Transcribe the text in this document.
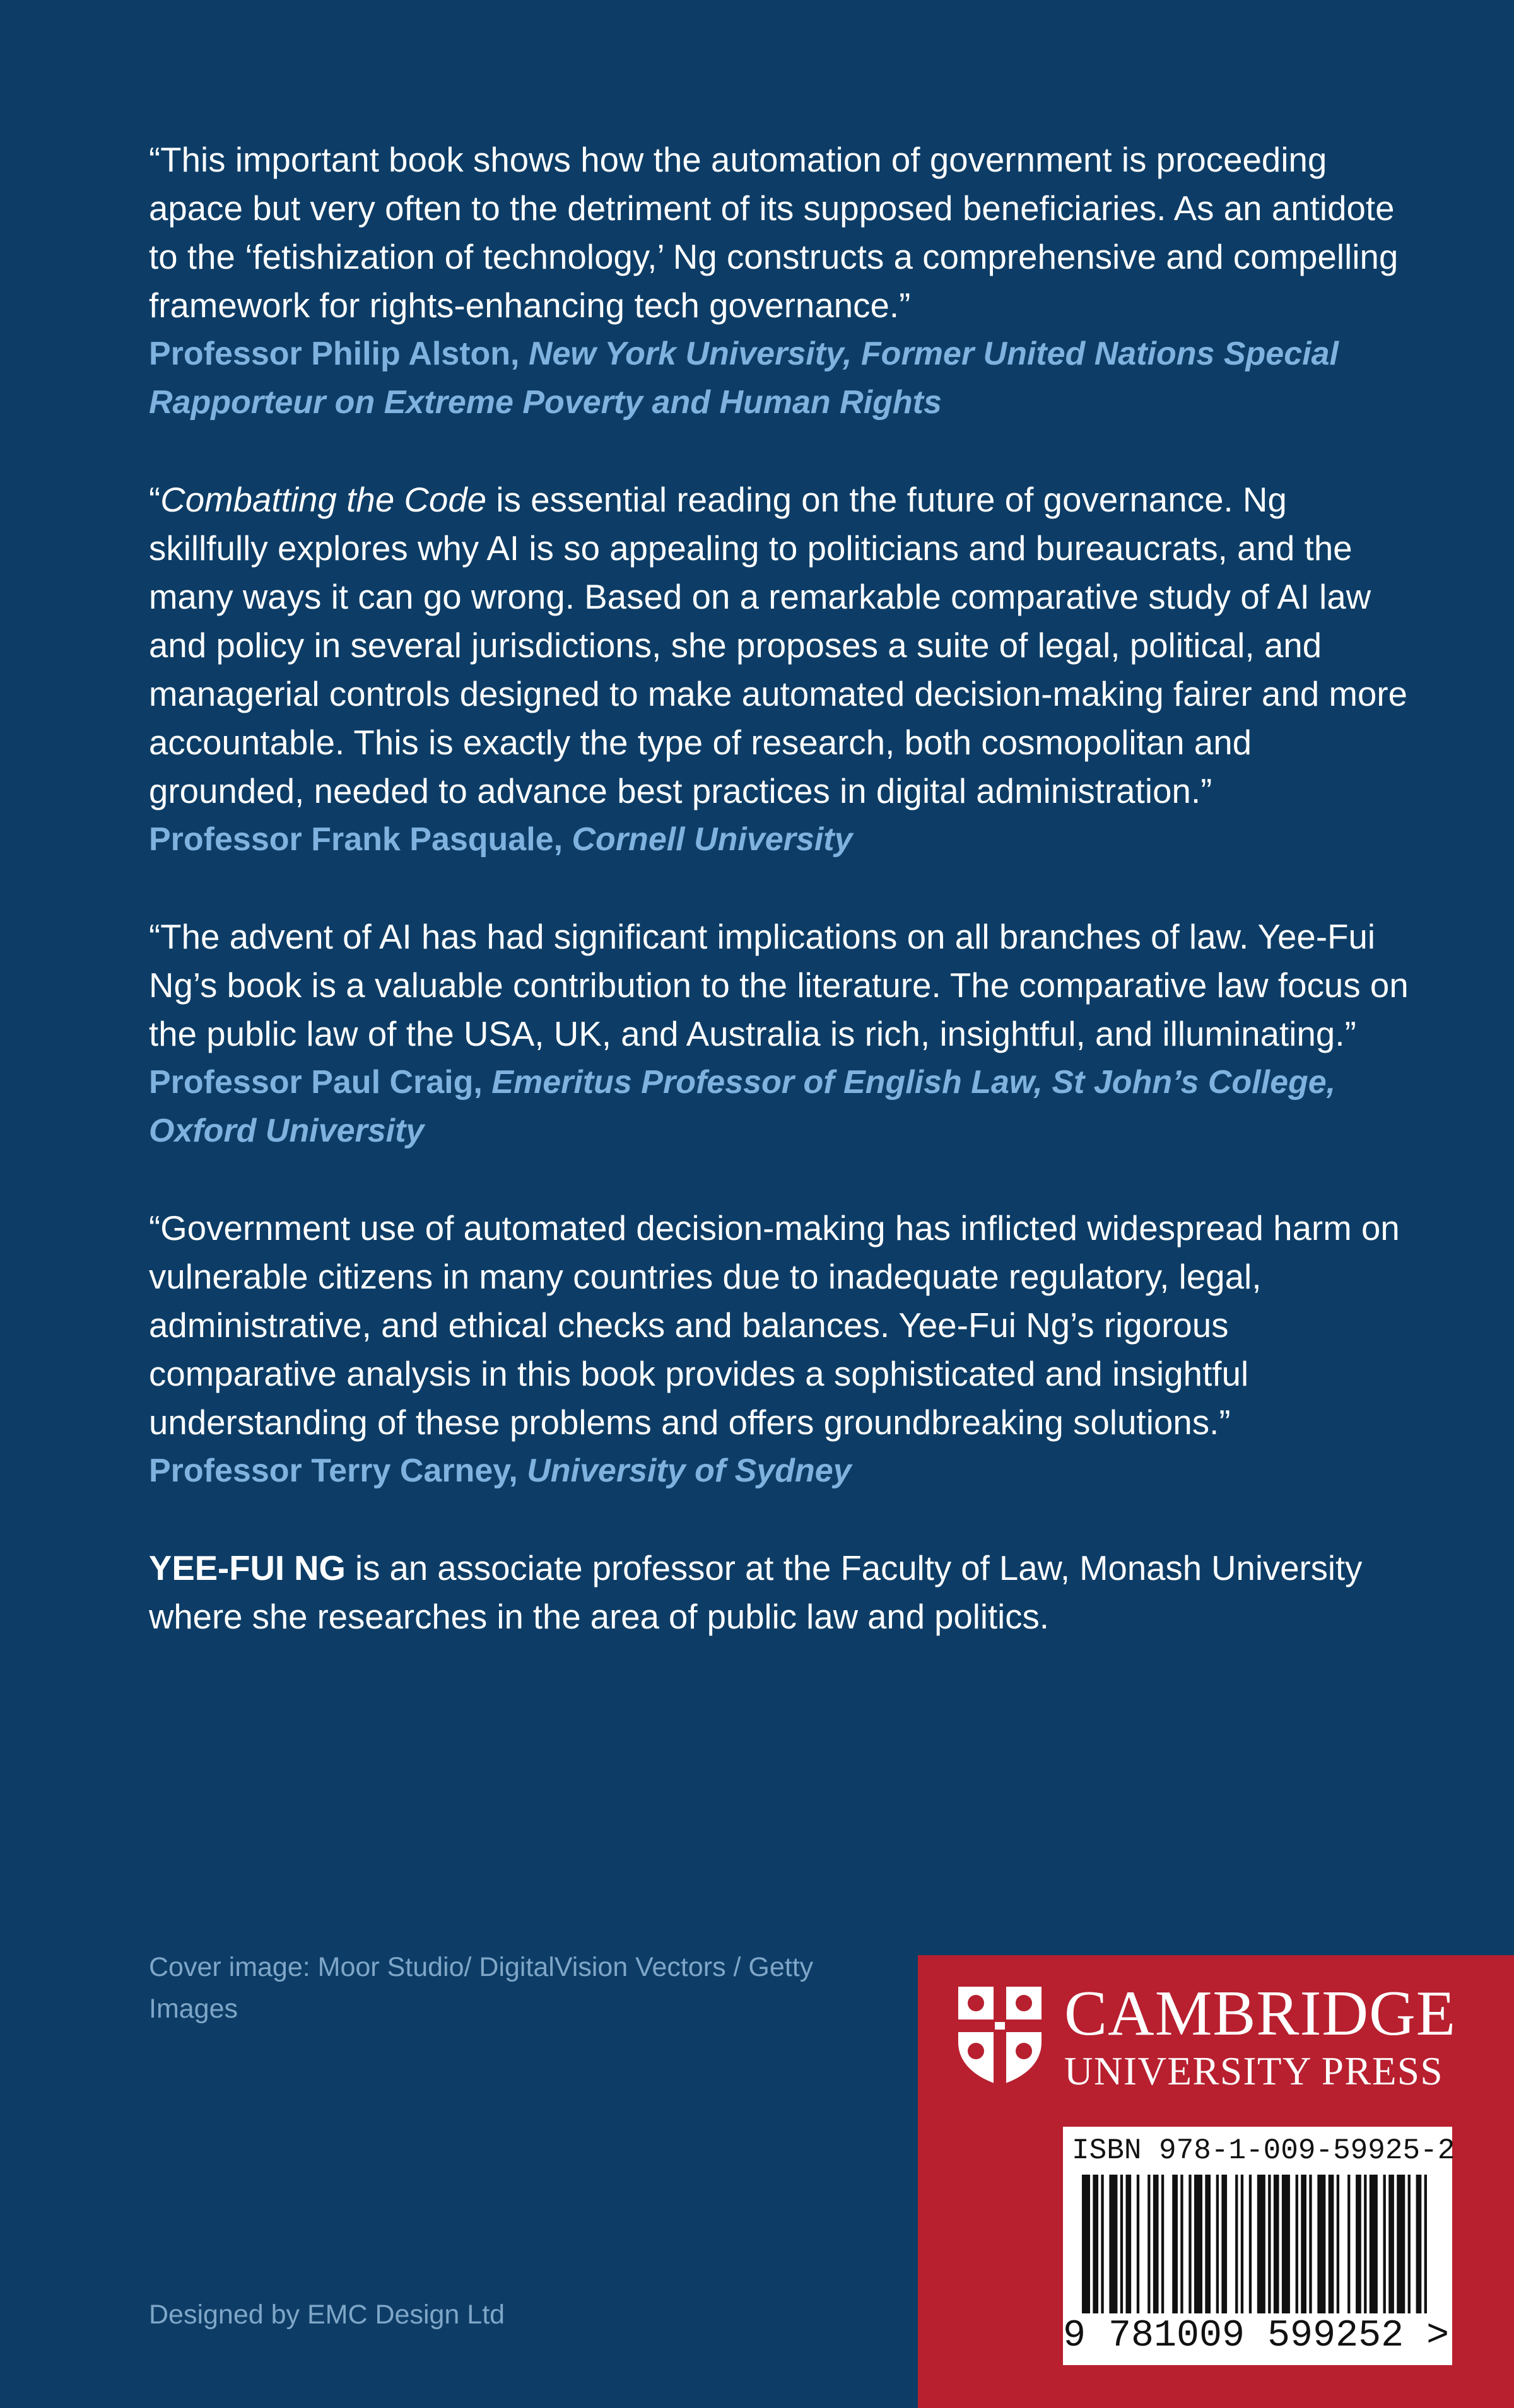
“This important book shows how the automation of government is proceeding apace but very often to the detriment of its supposed beneficiaries. As an antidote to the ‘fetishization of technology,’ Ng constructs a comprehensive and compelling framework for rights-enhancing tech governance.”

Professor Philip Alston, New York University, Former United Nations Special Rapporteur on Extreme Poverty and Human Rights

“Combatting the Code is essential reading on the future of governance. Ng skillfully explores why AI is so appealing to politicians and bureaucrats, and the many ways it can go wrong. Based on a remarkable comparative study of AI law and policy in several jurisdictions, she proposes a suite of legal, political, and managerial controls designed to make automated decision-making fairer and more accountable. This is exactly the type of research, both cosmopolitan and grounded, needed to advance best practices in digital administration.”

Professor Frank Pasquale, Cornell University

“The advent of AI has had significant implications on all branches of law. Yee-Fui Ng’s book is a valuable contribution to the literature. The comparative law focus on the public law of the USA, UK, and Australia is rich, insightful, and illuminating.”

Professor Paul Craig, Emeritus Professor of English Law, St John’s College, Oxford University

“Government use of automated decision-making has inflicted widespread harm on vulnerable citizens in many countries due to inadequate regulatory, legal, administrative, and ethical checks and balances. Yee-Fui Ng’s rigorous comparative analysis in this book provides a sophisticated and insightful understanding of these problems and offers groundbreaking solutions.”

Professor Terry Carney, University of Sydney

YEE-FUI NG is an associate professor at the Faculty of Law, Monash University where she researches in the area of public law and politics.

Cover image: Moor Studio/ DigitalVision Vectors / Getty Images
Designed by EMC Design Ltd
CAMBRIDGE
UNIVERSITY PRESS
ISBN 978-1-009-59925-2
9 781009 599252 >
